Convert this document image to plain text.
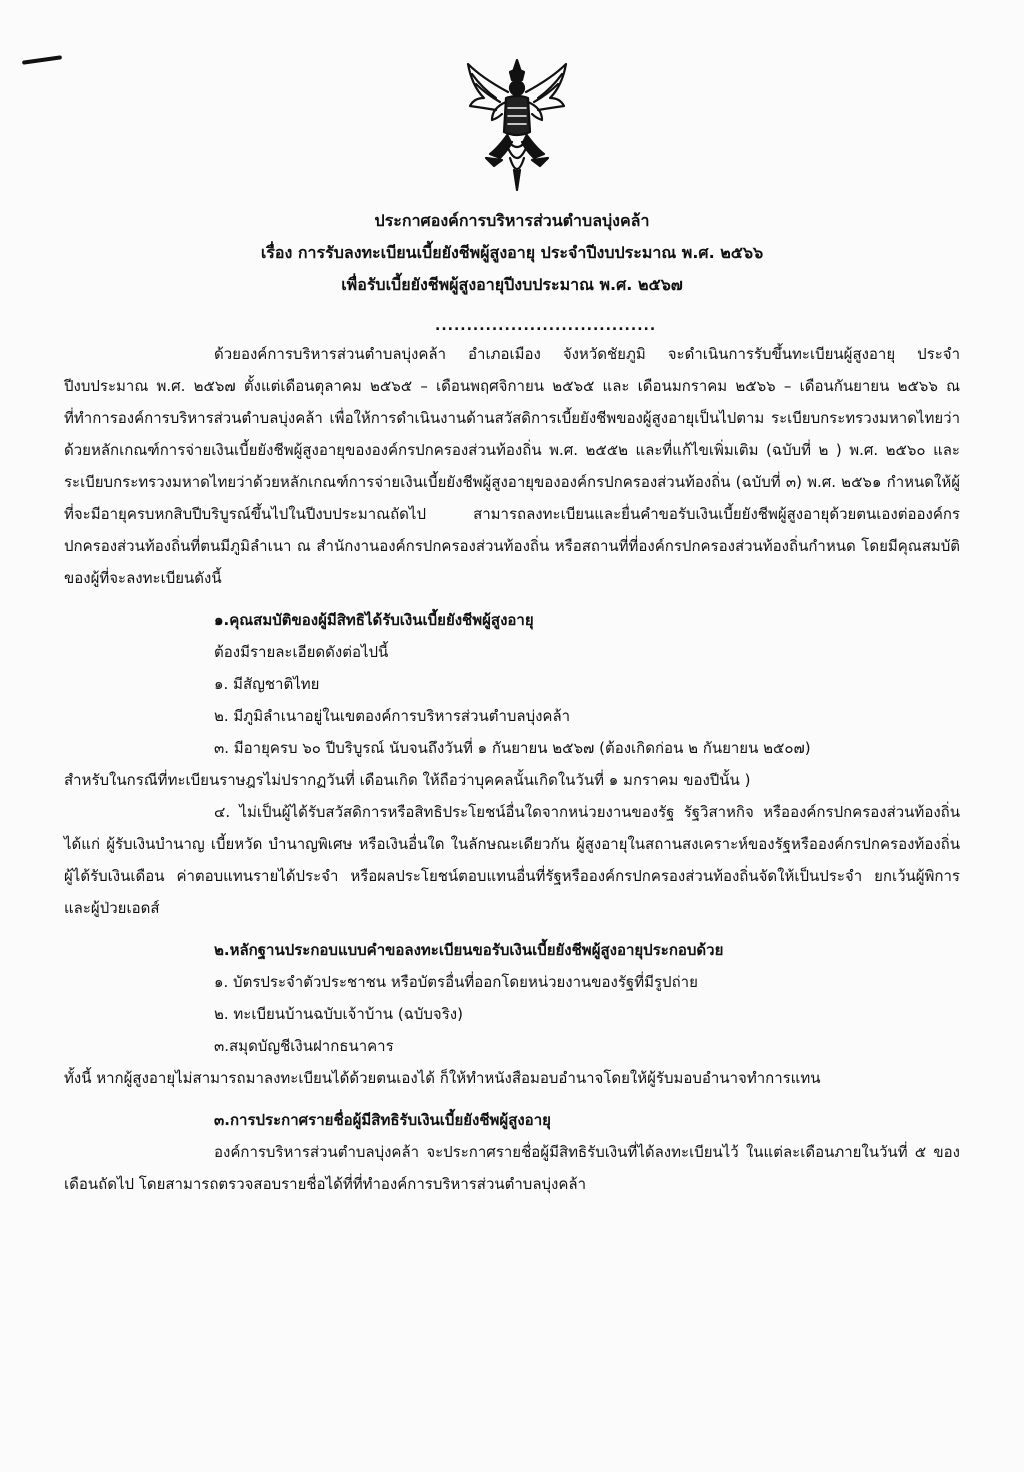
ประกาศองค์การบริหารส่วนตำบลบุ่งคล้า
เรื่อง การรับลงทะเบียนเบี้ยยังชีพผู้สูงอายุ ประจำปีงบประมาณ พ.ศ. ๒๕๖๖
เพื่อรับเบี้ยยังชีพผู้สูงอายุปีงบประมาณ พ.ศ. ๒๕๖๗
...................................

ด้วยองค์การบริหารส่วนตำบลบุ่งคล้า อำเภอเมือง จังหวัดชัยภูมิ จะดำเนินการรับขึ้นทะเบียนผู้สูงอายุ ประจำปีงบประมาณ พ.ศ. ๒๕๖๗ ตั้งแต่เดือนตุลาคม ๒๕๖๕ – เดือนพฤศจิกายน ๒๕๖๕ และ เดือนมกราคม ๒๕๖๖ – เดือนกันยายน ๒๕๖๖ ณ ที่ทำการองค์การบริหารส่วนตำบลบุ่งคล้า เพื่อให้การดำเนินงานด้านสวัสดิการเบี้ยยังชีพของผู้สูงอายุเป็นไปตาม ระเบียบกระทรวงมหาดไทยว่าด้วยหลักเกณฑ์การจ่ายเงินเบี้ยยังชีพผู้สูงอายุขององค์กรปกครองส่วนท้องถิ่น พ.ศ. ๒๕๕๒ และที่แก้ไขเพิ่มเติม (ฉบับที่ ๒ ) พ.ศ. ๒๕๖๐ และระเบียบกระทรวงมหาดไทยว่าด้วยหลักเกณฑ์การจ่ายเงินเบี้ยยังชีพผู้สูงอายุขององค์กรปกครองส่วนท้องถิ่น (ฉบับที่ ๓) พ.ศ. ๒๕๖๑ กำหนดให้ผู้ที่จะมีอายุครบหกสิบปีบริบูรณ์ขึ้นไปในปีงบประมาณถัดไป สามารถลงทะเบียนและยื่นคำขอรับเงินเบี้ยยังชีพผู้สูงอายุด้วยตนเองต่อองค์กรปกครองส่วนท้องถิ่นที่ตนมีภูมิลำเนา ณ สำนักงานองค์กรปกครองส่วนท้องถิ่น หรือสถานที่ที่องค์กรปกครองส่วนท้องถิ่นกำหนด โดยมีคุณสมบัติของผู้ที่จะลงทะเบียนดังนี้

๑.คุณสมบัติของผู้มีสิทธิได้รับเงินเบี้ยยังชีพผู้สูงอายุ

ต้องมีรายละเอียดดังต่อไปนี้

๑. มีสัญชาติไทย

๒. มีภูมิลำเนาอยู่ในเขตองค์การบริหารส่วนตำบลบุ่งคล้า

๓. มีอายุครบ ๖๐ ปีบริบูรณ์ นับจนถึงวันที่ ๑ กันยายน ๒๕๖๗ (ต้องเกิดก่อน ๒ กันยายน ๒๕๐๗)

สำหรับในกรณีที่ทะเบียนราษฎรไม่ปรากฏวันที่ เดือนเกิด ให้ถือว่าบุคคลนั้นเกิดในวันที่ ๑ มกราคม ของปีนั้น )

๔. ไม่เป็นผู้ได้รับสวัสดิการหรือสิทธิประโยชน์อื่นใดจากหน่วยงานของรัฐ รัฐวิสาหกิจ หรือองค์กรปกครองส่วนท้องถิ่น ได้แก่ ผู้รับเงินบำนาญ เบี้ยหวัด บำนาญพิเศษ หรือเงินอื่นใด ในลักษณะเดียวกัน ผู้สูงอายุในสถานสงเคราะห์ของรัฐหรือองค์กรปกครองท้องถิ่น ผู้ได้รับเงินเดือน ค่าตอบแทนรายได้ประจำ หรือผลประโยชน์ตอบแทนอื่นที่รัฐหรือองค์กรปกครองส่วนท้องถิ่นจัดให้เป็นประจำ ยกเว้นผู้พิการและผู้ป่วยเอดส์

๒.หลักฐานประกอบแบบคำขอลงทะเบียนขอรับเงินเบี้ยยังชีพผู้สูงอายุประกอบด้วย

๑. บัตรประจำตัวประชาชน หรือบัตรอื่นที่ออกโดยหน่วยงานของรัฐที่มีรูปถ่าย

๒. ทะเบียนบ้านฉบับเจ้าบ้าน (ฉบับจริง)

๓.สมุดบัญชีเงินฝากธนาคาร

ทั้งนี้ หากผู้สูงอายุไม่สามารถมาลงทะเบียนได้ด้วยตนเองได้ ก็ให้ทำหนังสือมอบอำนาจโดยให้ผู้รับมอบอำนาจทำการแทน

๓.การประกาศรายชื่อผู้มีสิทธิรับเงินเบี้ยยังชีพผู้สูงอายุ

องค์การบริหารส่วนตำบลบุ่งคล้า จะประกาศรายชื่อผู้มีสิทธิรับเงินที่ได้ลงทะเบียนไว้ ในแต่ละเดือนภายในวันที่ ๕ ของเดือนถัดไป โดยสามารถตรวจสอบรายชื่อได้ที่ที่ทำองค์การบริหารส่วนตำบลบุ่งคล้า
